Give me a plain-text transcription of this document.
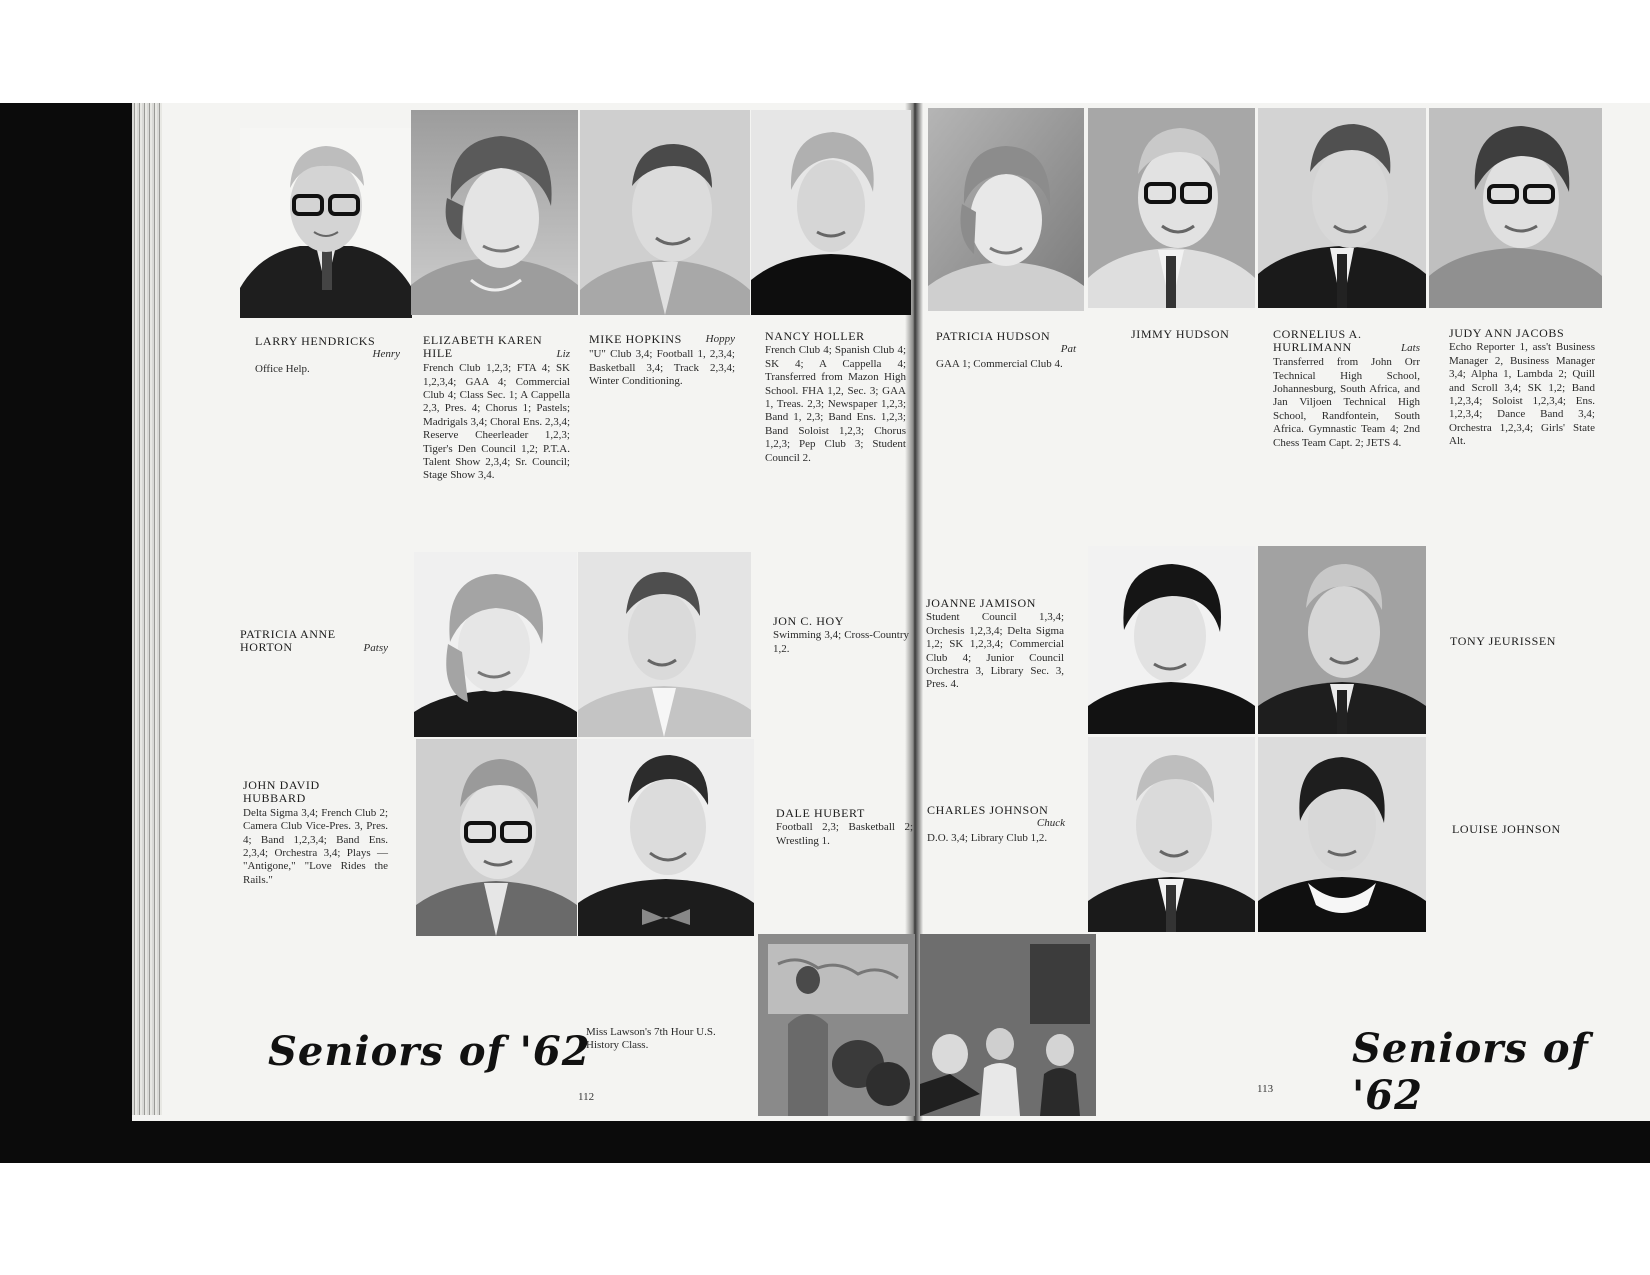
LARRY HENDRICKS
Henry

Office Help.
ELIZABETH KAREN HILE	Liz

French Club 1,2,3; FTA 4; SK 1,2,3,4; GAA 4; Commercial Club 4; Class Sec. 1; A Cappella 2,3, Pres. 4; Chorus 1; Pastels; Madrigals 3,4; Choral Ens. 2,3,4; Reserve Cheerleader 1,2,3; Tiger's Den Council 1,2; P.T.A. Talent Show 2,3,4; Sr. Council; Stage Show 3,4.
MIKE HOPKINS Hoppy
"U" Club 3,4; Football 1, 2,3,4; Basketball 3,4; Track 2,3,4; Winter Conditioning.
NANCY HOLLER
French Club 4; Spanish Club 4; SK 4; A Cappella 4; Transferred from Mazon High School. FHA 1,2, Sec. 3; GAA 1, Treas. 2,3; Newspaper 1,2,3; Band 1, 2,3; Band Ens. 1,2,3; Band Soloist 1,2,3; Chorus 1,2,3; Pep Club 3; Student Council 2.
PATRICIA HUDSON
Pat

GAA 1; Commercial Club 4.
JIMMY HUDSON	CORNELIUS A. HURLIMANN	Lats

Transferred from John Orr Technical High School, Johannesburg, South Africa, and Jan Viljoen Technical High School, Randfontein, South Africa. Gymnastic Team 4; 2nd Chess Team Capt. 2; JETS 4.
JUDY ANN JACOBS
Echo Reporter 1, ass't Business Manager 2, Business Manager 3,4; Alpha 1, Lambda 2; Quill and Scroll 3,4; SK 1,2; Band 1,2,3,4; Soloist 1,2,3,4; Ens. 1,2,3,4; Dance Band 3,4; Orchestra 1,2,3,4; Girls' State Alt.
PATRICIA ANNE HORTON	Patsy

JON C. HOY
Swimming 3,4; Cross-Country 1,2.
JOANNE JAMISON
Student Council 1,3,4; Orchesis 1,2,3,4; Delta Sigma 1,2; SK 1,2,3,4; Commercial Club 4; Junior Council Orchestra 3, Library Sec. 3, Pres. 4.
TONY JEURISSEN
JOHN DAVID HUBBARD
Delta Sigma 3,4; French Club 2; Camera Club Vice-Pres. 3, Pres. 4; Band 1,2,3,4; Band Ens. 2,3,4; Orchestra 3,4; Plays — "Antigone," "Love Rides the Rails."
DALE HUBERT
Football 2,3; Basketball 2; Wrestling 1.
CHARLES JOHNSON
Chuck

D.O. 3,4; Library Club 1,2.
LOUISE JOHNSON
Seniors of '62	Seniors of '62
Miss Lawson's 7th Hour U.S. History Class.
112
113
